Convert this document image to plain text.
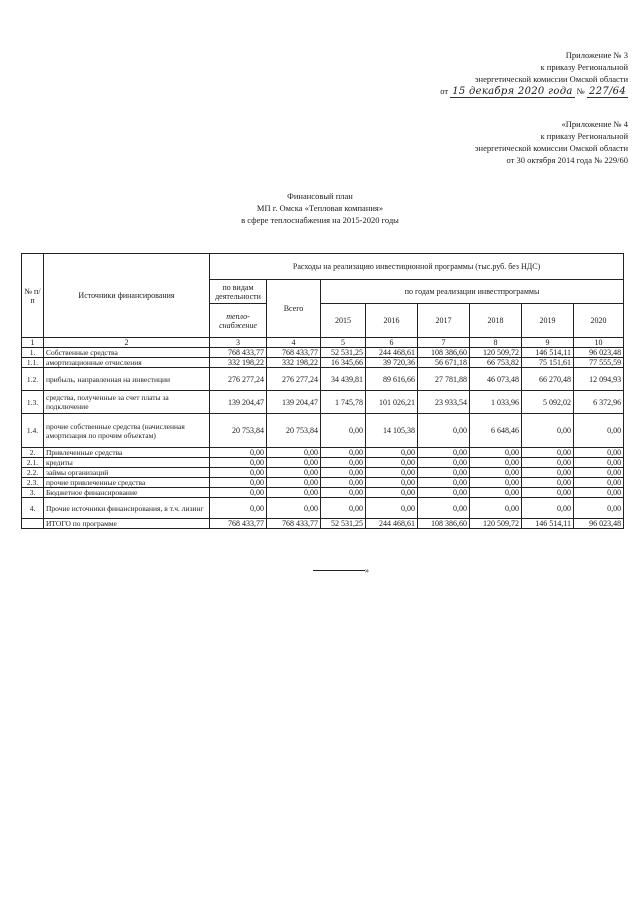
Приложение № 3
к приказу Региональной
энергетической комиссии Омской области
от 15 декабря 2020 года № 227/64
«Приложение № 4
к приказу Региональной
энергетической комиссии Омской области
от 30 октября 2014 года № 229/60
Финансовый план
МП г. Омска «Тепловая компания»
в сфере теплоснабжения на 2015-2020 годы
№ п/п	Источники финансирования	Расходы на реализацию инвестиционной программы (тыс.руб. без НДС)							
		по видам деятельности	Всего	по годам реализации инвестпрограммы					
		тепло-снабжение		2015	2016	2017	2018	2019	2020
1	2	3	4	5	6	7	8	9	10
1.	Собственные средства	768 433,77	768 433,77	52 531,25	244 468,61	108 386,60	120 509,72	146 514,11	96 023,48
1.1.	амортизационные отчисления	332 198,22	332 198,22	16 345,66	39 720,36	56 671,18	66 753,82	75 151,61	77 555,59
1.2.	прибыль, направленная на инвестиции	276 277,24	276 277,24	34 439,81	89 616,66	27 781,88	46 073,48	66 270,48	12 094,93
1.3.	средства, полученные за счет платы за подключение	139 204,47	139 204,47	1 745,78	101 026,21	23 933,54	1 033,96	5 092,02	6 372,96
1.4.	прочие собственные средства (начисленная амортизация по прочим объектам)	20 753,84	20 753,84	0,00	14 105,38	0,00	6 648,46	0,00	0,00
2.	Привлеченные средства	0,00	0,00	0,00	0,00	0,00	0,00	0,00	0,00
2.1.	кредиты	0,00	0,00	0,00	0,00	0,00	0,00	0,00	0,00
2.2.	займы организаций	0,00	0,00	0,00	0,00	0,00	0,00	0,00	0,00
2.3.	прочие привлеченные средства	0,00	0,00	0,00	0,00	0,00	0,00	0,00	0,00
3.	Бюджетное финансирование	0,00	0,00	0,00	0,00	0,00	0,00	0,00	0,00
4.	Прочие источники финансирования, в т.ч. лизинг	0,00	0,00	0,00	0,00	0,00	0,00	0,00	0,00
	ИТОГО по программе	768 433,77	768 433,77	52 531,25	244 468,61	108 386,60	120 509,72	146 514,11	96 023,48
»
